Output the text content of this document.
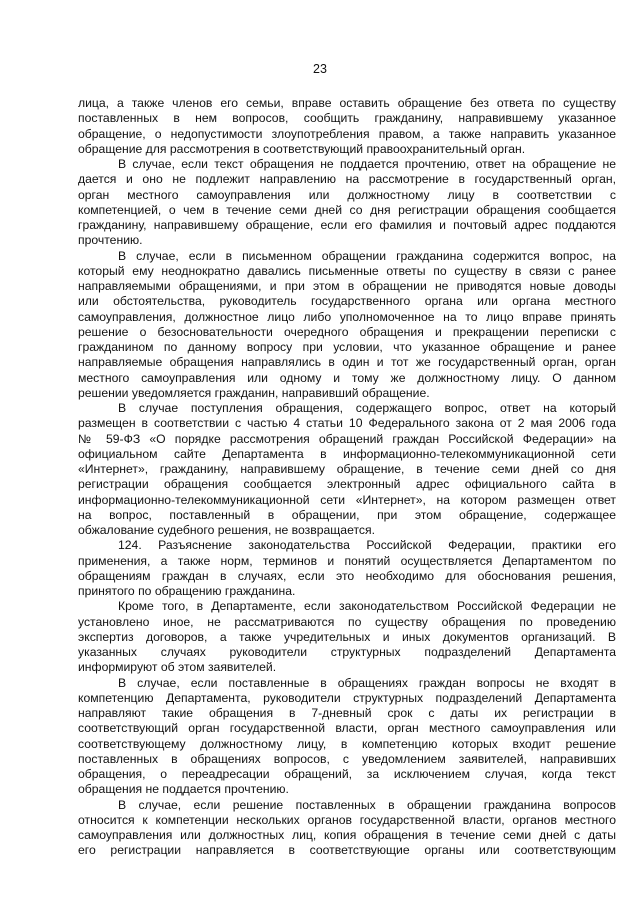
23
лица, а также членов его семьи, вправе оставить обращение без ответа по существу
поставленных в нем вопросов, сообщить гражданину, направившему указанное
обращение, о недопустимости злоупотребления правом, а также направить указанное
обращение для рассмотрения в соответствующий правоохранительный орган.
В случае, если текст обращения не поддается прочтению, ответ на обращение не
дается и оно не подлежит направлению на рассмотрение в государственный орган,
орган местного самоуправления или должностному лицу в соответствии с
компетенцией, о чем в течение семи дней со дня регистрации обращения сообщается
гражданину, направившему обращение, если его фамилия и почтовый адрес поддаются
прочтению.
В случае, если в письменном обращении гражданина содержится вопрос, на
который ему неоднократно давались письменные ответы по существу в связи с ранее
направляемыми обращениями, и при этом в обращении не приводятся новые доводы
или обстоятельства, руководитель государственного органа или органа местного
самоуправления, должностное лицо либо уполномоченное на то лицо вправе принять
решение о безосновательности очередного обращения и прекращении переписки с
гражданином по данному вопросу при условии, что указанное обращение и ранее
направляемые обращения направлялись в один и тот же государственный орган, орган
местного самоуправления или одному и тому же должностному лицу. О данном
решении уведомляется гражданин, направивший обращение.
В случае поступления обращения, содержащего вопрос, ответ на который
размещен в соответствии с частью 4 статьи 10 Федерального закона от 2 мая 2006 года
№ 59-ФЗ «О порядке рассмотрения обращений граждан Российской Федерации» на
официальном сайте Департамента в информационно-телекоммуникационной сети
«Интернет», гражданину, направившему обращение, в течение семи дней со дня
регистрации обращения сообщается электронный адрес официального сайта в
информационно-телекоммуникационной сети «Интернет», на котором размещен ответ
на вопрос, поставленный в обращении, при этом обращение, содержащее
обжалование судебного решения, не возвращается.
124. Разъяснение законодательства Российской Федерации, практики его
применения, а также норм, терминов и понятий осуществляется Департаментом по
обращениям граждан в случаях, если это необходимо для обоснования решения,
принятого по обращению гражданина.
Кроме того, в Департаменте, если законодательством Российской Федерации не
установлено иное, не рассматриваются по существу обращения по проведению
экспертиз договоров, а также учредительных и иных документов организаций. В
указанных случаях руководители структурных подразделений Департамента
информируют об этом заявителей.
В случае, если поставленные в обращениях граждан вопросы не входят в
компетенцию Департамента, руководители структурных подразделений Департамента
направляют такие обращения в 7-дневный срок с даты их регистрации в
соответствующий орган государственной власти, орган местного самоуправления или
соответствующему должностному лицу, в компетенцию которых входит решение
поставленных в обращениях вопросов, с уведомлением заявителей, направивших
обращения, о переадресации обращений, за исключением случая, когда текст
обращения не поддается прочтению.
В случае, если решение поставленных в обращении гражданина вопросов
относится к компетенции нескольких органов государственной власти, органов местного
самоуправления или должностных лиц, копия обращения в течение семи дней с даты
его регистрации направляется в соответствующие органы или соответствующим
